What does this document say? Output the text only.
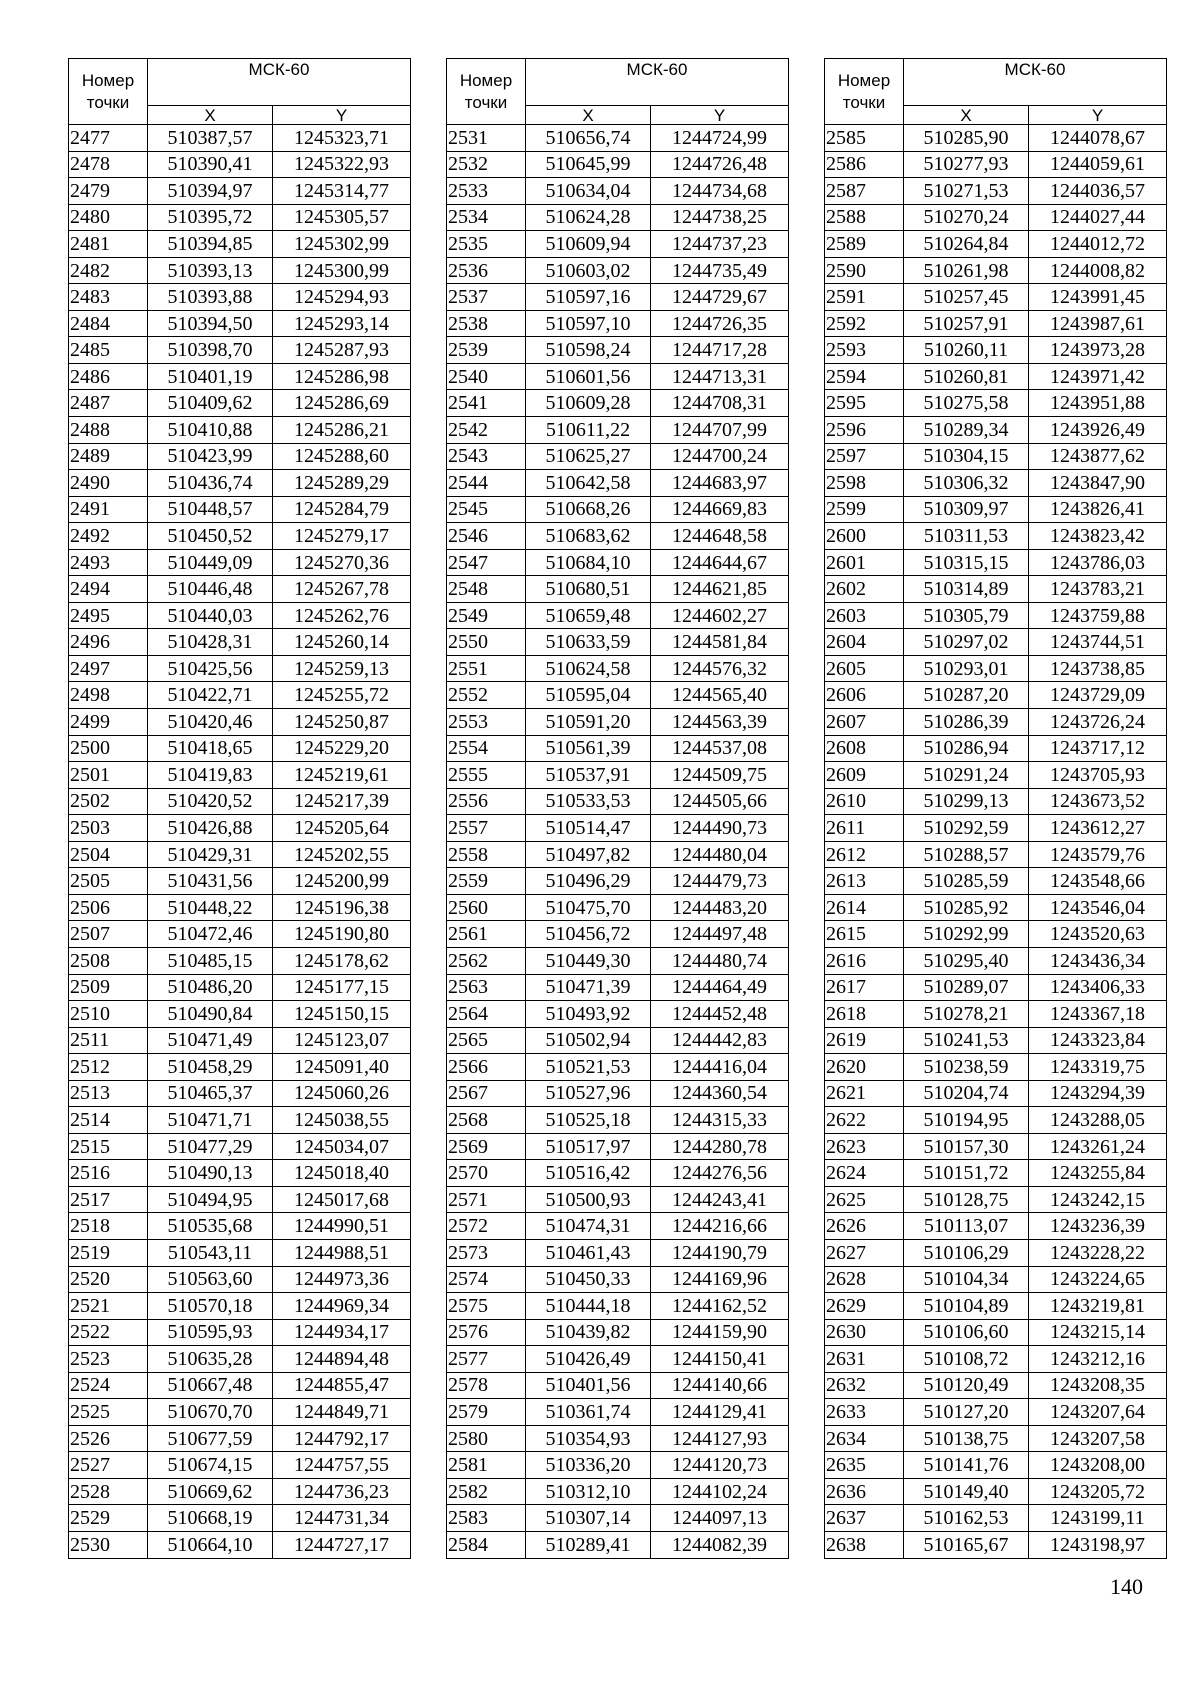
Номер точки	МСК-60	
	X	Y
2477	510387,57	1245323,71
2478	510390,41	1245322,93
2479	510394,97	1245314,77
2480	510395,72	1245305,57
2481	510394,85	1245302,99
2482	510393,13	1245300,99
2483	510393,88	1245294,93
2484	510394,50	1245293,14
2485	510398,70	1245287,93
2486	510401,19	1245286,98
2487	510409,62	1245286,69
2488	510410,88	1245286,21
2489	510423,99	1245288,60
2490	510436,74	1245289,29
2491	510448,57	1245284,79
2492	510450,52	1245279,17
2493	510449,09	1245270,36
2494	510446,48	1245267,78
2495	510440,03	1245262,76
2496	510428,31	1245260,14
2497	510425,56	1245259,13
2498	510422,71	1245255,72
2499	510420,46	1245250,87
2500	510418,65	1245229,20
2501	510419,83	1245219,61
2502	510420,52	1245217,39
2503	510426,88	1245205,64
2504	510429,31	1245202,55
2505	510431,56	1245200,99
2506	510448,22	1245196,38
2507	510472,46	1245190,80
2508	510485,15	1245178,62
2509	510486,20	1245177,15
2510	510490,84	1245150,15
2511	510471,49	1245123,07
2512	510458,29	1245091,40
2513	510465,37	1245060,26
2514	510471,71	1245038,55
2515	510477,29	1245034,07
2516	510490,13	1245018,40
2517	510494,95	1245017,68
2518	510535,68	1244990,51
2519	510543,11	1244988,51
2520	510563,60	1244973,36
2521	510570,18	1244969,34
2522	510595,93	1244934,17
2523	510635,28	1244894,48
2524	510667,48	1244855,47
2525	510670,70	1244849,71
2526	510677,59	1244792,17
2527	510674,15	1244757,55
2528	510669,62	1244736,23
2529	510668,19	1244731,34
2530	510664,10	1244727,17
Номер точки	МСК-60	
	X	Y
2531	510656,74	1244724,99
2532	510645,99	1244726,48
2533	510634,04	1244734,68
2534	510624,28	1244738,25
2535	510609,94	1244737,23
2536	510603,02	1244735,49
2537	510597,16	1244729,67
2538	510597,10	1244726,35
2539	510598,24	1244717,28
2540	510601,56	1244713,31
2541	510609,28	1244708,31
2542	510611,22	1244707,99
2543	510625,27	1244700,24
2544	510642,58	1244683,97
2545	510668,26	1244669,83
2546	510683,62	1244648,58
2547	510684,10	1244644,67
2548	510680,51	1244621,85
2549	510659,48	1244602,27
2550	510633,59	1244581,84
2551	510624,58	1244576,32
2552	510595,04	1244565,40
2553	510591,20	1244563,39
2554	510561,39	1244537,08
2555	510537,91	1244509,75
2556	510533,53	1244505,66
2557	510514,47	1244490,73
2558	510497,82	1244480,04
2559	510496,29	1244479,73
2560	510475,70	1244483,20
2561	510456,72	1244497,48
2562	510449,30	1244480,74
2563	510471,39	1244464,49
2564	510493,92	1244452,48
2565	510502,94	1244442,83
2566	510521,53	1244416,04
2567	510527,96	1244360,54
2568	510525,18	1244315,33
2569	510517,97	1244280,78
2570	510516,42	1244276,56
2571	510500,93	1244243,41
2572	510474,31	1244216,66
2573	510461,43	1244190,79
2574	510450,33	1244169,96
2575	510444,18	1244162,52
2576	510439,82	1244159,90
2577	510426,49	1244150,41
2578	510401,56	1244140,66
2579	510361,74	1244129,41
2580	510354,93	1244127,93
2581	510336,20	1244120,73
2582	510312,10	1244102,24
2583	510307,14	1244097,13
2584	510289,41	1244082,39
Номер точки	МСК-60	
	X	Y
2585	510285,90	1244078,67
2586	510277,93	1244059,61
2587	510271,53	1244036,57
2588	510270,24	1244027,44
2589	510264,84	1244012,72
2590	510261,98	1244008,82
2591	510257,45	1243991,45
2592	510257,91	1243987,61
2593	510260,11	1243973,28
2594	510260,81	1243971,42
2595	510275,58	1243951,88
2596	510289,34	1243926,49
2597	510304,15	1243877,62
2598	510306,32	1243847,90
2599	510309,97	1243826,41
2600	510311,53	1243823,42
2601	510315,15	1243786,03
2602	510314,89	1243783,21
2603	510305,79	1243759,88
2604	510297,02	1243744,51
2605	510293,01	1243738,85
2606	510287,20	1243729,09
2607	510286,39	1243726,24
2608	510286,94	1243717,12
2609	510291,24	1243705,93
2610	510299,13	1243673,52
2611	510292,59	1243612,27
2612	510288,57	1243579,76
2613	510285,59	1243548,66
2614	510285,92	1243546,04
2615	510292,99	1243520,63
2616	510295,40	1243436,34
2617	510289,07	1243406,33
2618	510278,21	1243367,18
2619	510241,53	1243323,84
2620	510238,59	1243319,75
2621	510204,74	1243294,39
2622	510194,95	1243288,05
2623	510157,30	1243261,24
2624	510151,72	1243255,84
2625	510128,75	1243242,15
2626	510113,07	1243236,39
2627	510106,29	1243228,22
2628	510104,34	1243224,65
2629	510104,89	1243219,81
2630	510106,60	1243215,14
2631	510108,72	1243212,16
2632	510120,49	1243208,35
2633	510127,20	1243207,64
2634	510138,75	1243207,58
2635	510141,76	1243208,00
2636	510149,40	1243205,72
2637	510162,53	1243199,11
2638	510165,67	1243198,97
140
